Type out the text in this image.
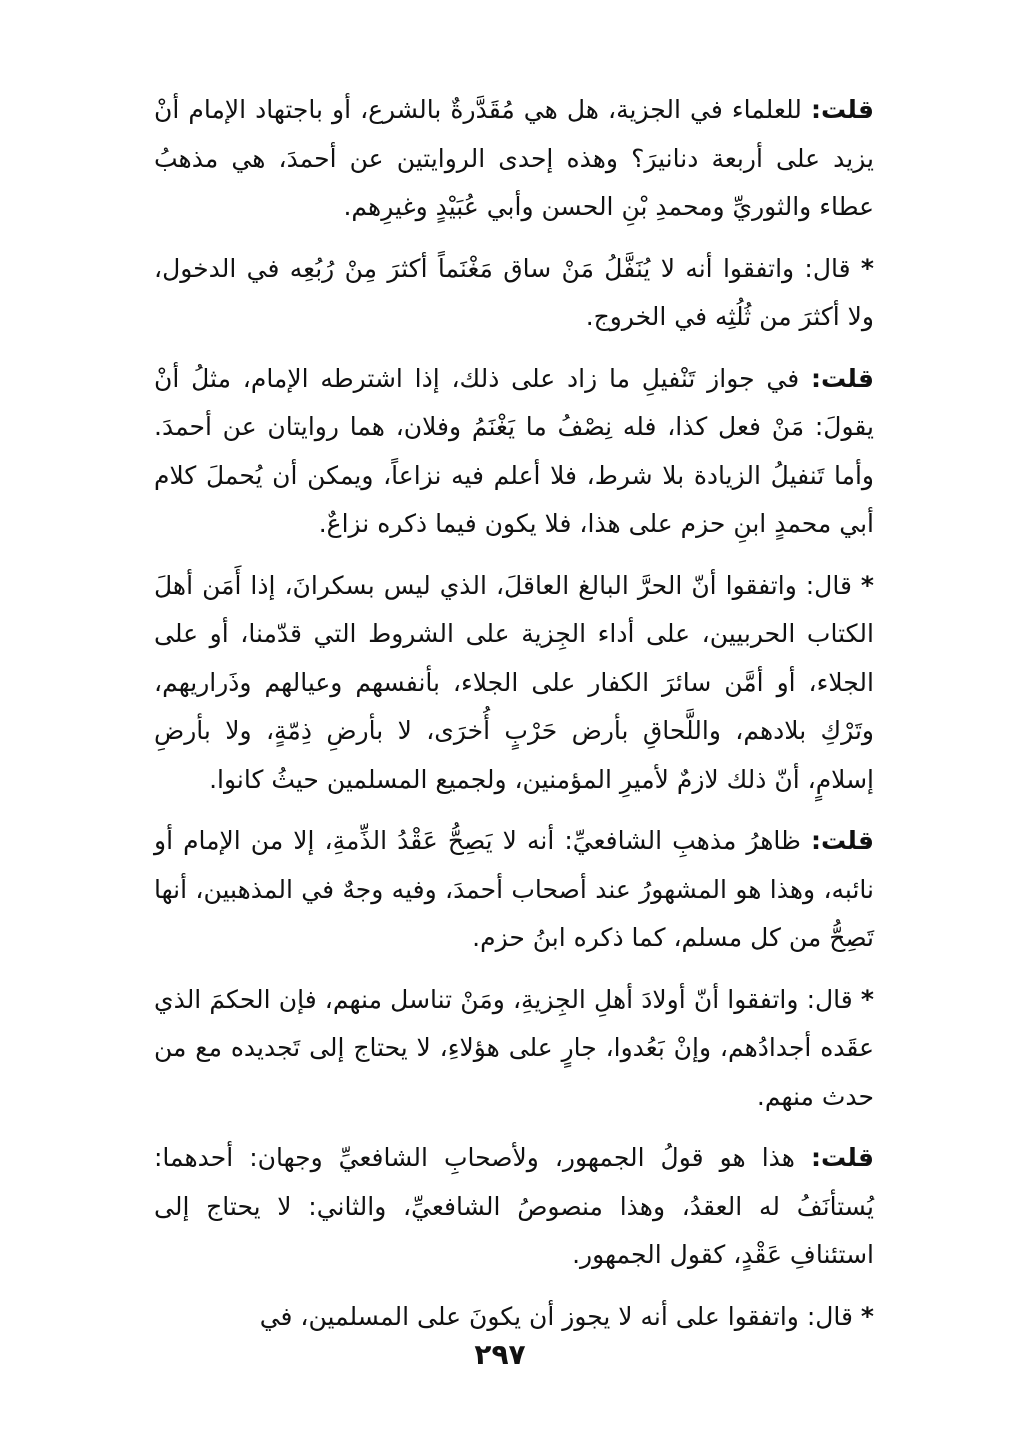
قلت: للعلماء في الجزية، هل هي مُقَدَّرةٌ بالشرع، أو باجتهاد الإمام أنْ يزيد على أربعة دنانيرَ؟ وهذه إحدى الروايتين عن أحمدَ، هي مذهبُ عطاء والثوريِّ ومحمدِ بْنِ الحسن وأبي عُبَيْدٍ وغيرِهم.

* قال: واتفقوا أنه لا يُنَفَّلُ مَنْ ساق مَغْنَماً أكثرَ مِنْ رُبُعِه في الدخول، ولا أكثرَ من ثُلُثِه في الخروج.

قلت: في جواز تَنْفيلِ ما زاد على ذلك، إذا اشترطه الإمام، مثلُ أنْ يقولَ: مَنْ فعل كذا، فله نِصْفُ ما يَغْنَمُ وفلان، هما روايتان عن أحمدَ. وأما تَنفيلُ الزيادة بلا شرط، فلا أعلم فيه نزاعاً، ويمكن أن يُحملَ كلام أبي محمدٍ ابنِ حزم على هذا، فلا يكون فيما ذكره نزاعٌ.

* قال: واتفقوا أنّ الحرَّ البالغ العاقلَ، الذي ليس بسكرانَ، إذا أَمَن أهلَ الكتاب الحربيين، على أداء الجِزية على الشروط التي قدّمنا، أو على الجلاء، أو أمَّن سائرَ الكفار على الجلاء، بأنفسهم وعيالهم وذَراريهم، وتَرْكِ بلادهم، واللَّحاقِ بأرض حَرْبٍ أُخرَى، لا بأرضِ ذِمّةٍ، ولا بأرضِ إسلامٍ، أنّ ذلك لازمٌ لأميرِ المؤمنين، ولجميع المسلمين حيثُ كانوا.

قلت: ظاهرُ مذهبِ الشافعيِّ: أنه لا يَصِحُّ عَقْدُ الذِّمةِ، إلا من الإمام أو نائبه، وهذا هو المشهورُ عند أصحاب أحمدَ، وفيه وجهٌ في المذهبين، أنها تَصِحُّ من كل مسلم، كما ذكره ابنُ حزم.

* قال: واتفقوا أنّ أولادَ أهلِ الجِزيةِ، ومَنْ تناسل منهم، فإن الحكمَ الذي عقَده أجدادُهم، وإنْ بَعُدوا، جارٍ على هؤلاءِ، لا يحتاج إلى تَجديده مع من حدث منهم.

قلت: هذا هو قولُ الجمهور، ولأصحابِ الشافعيِّ وجهان: أحدهما: يُستأنَفُ له العقدُ، وهذا منصوصُ الشافعيِّ، والثاني: لا يحتاج إلى استئنافِ عَقْدٍ، كقول الجمهور.

* قال: واتفقوا على أنه لا يجوز أن يكونَ على المسلمين، في

٢٩٧
